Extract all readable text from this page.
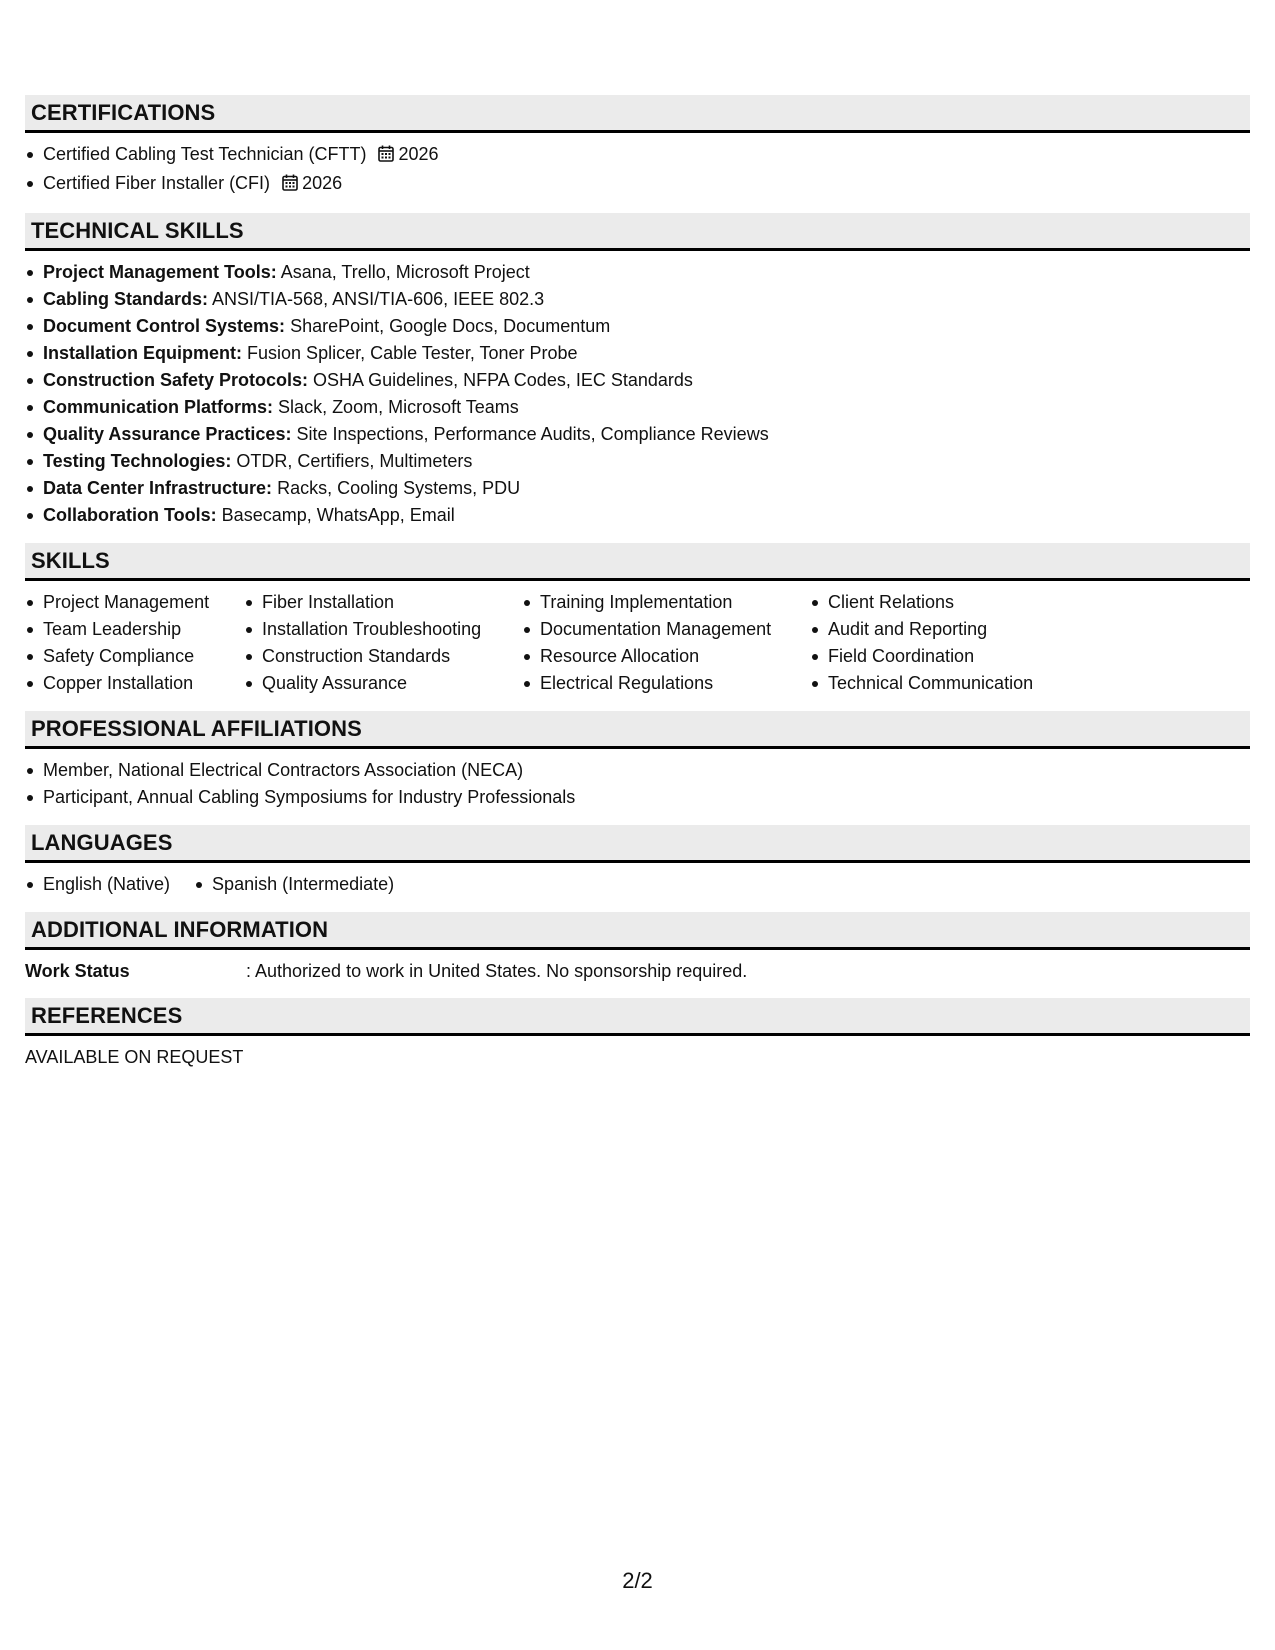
CERTIFICATIONS
Certified Cabling Test Technician (CFTT) 2026
Certified Fiber Installer (CFI) 2026
TECHNICAL SKILLS
Project Management Tools: Asana, Trello, Microsoft Project
Cabling Standards: ANSI/TIA-568, ANSI/TIA-606, IEEE 802.3
Document Control Systems: SharePoint, Google Docs, Documentum
Installation Equipment: Fusion Splicer, Cable Tester, Toner Probe
Construction Safety Protocols: OSHA Guidelines, NFPA Codes, IEC Standards
Communication Platforms: Slack, Zoom, Microsoft Teams
Quality Assurance Practices: Site Inspections, Performance Audits, Compliance Reviews
Testing Technologies: OTDR, Certifiers, Multimeters
Data Center Infrastructure: Racks, Cooling Systems, PDU
Collaboration Tools: Basecamp, WhatsApp, Email
SKILLS
Project Management
Team Leadership
Safety Compliance
Copper Installation
Fiber Installation
Installation Troubleshooting
Construction Standards
Quality Assurance
Training Implementation
Documentation Management
Resource Allocation
Electrical Regulations
Client Relations
Audit and Reporting
Field Coordination
Technical Communication
PROFESSIONAL AFFILIATIONS
Member, National Electrical Contractors Association (NECA)
Participant, Annual Cabling Symposiums for Industry Professionals
LANGUAGES
English (Native)	Spanish (Intermediate)
ADDITIONAL INFORMATION
Work Status	: Authorized to work in United States. No sponsorship required.
REFERENCES
AVAILABLE ON REQUEST
2/2
